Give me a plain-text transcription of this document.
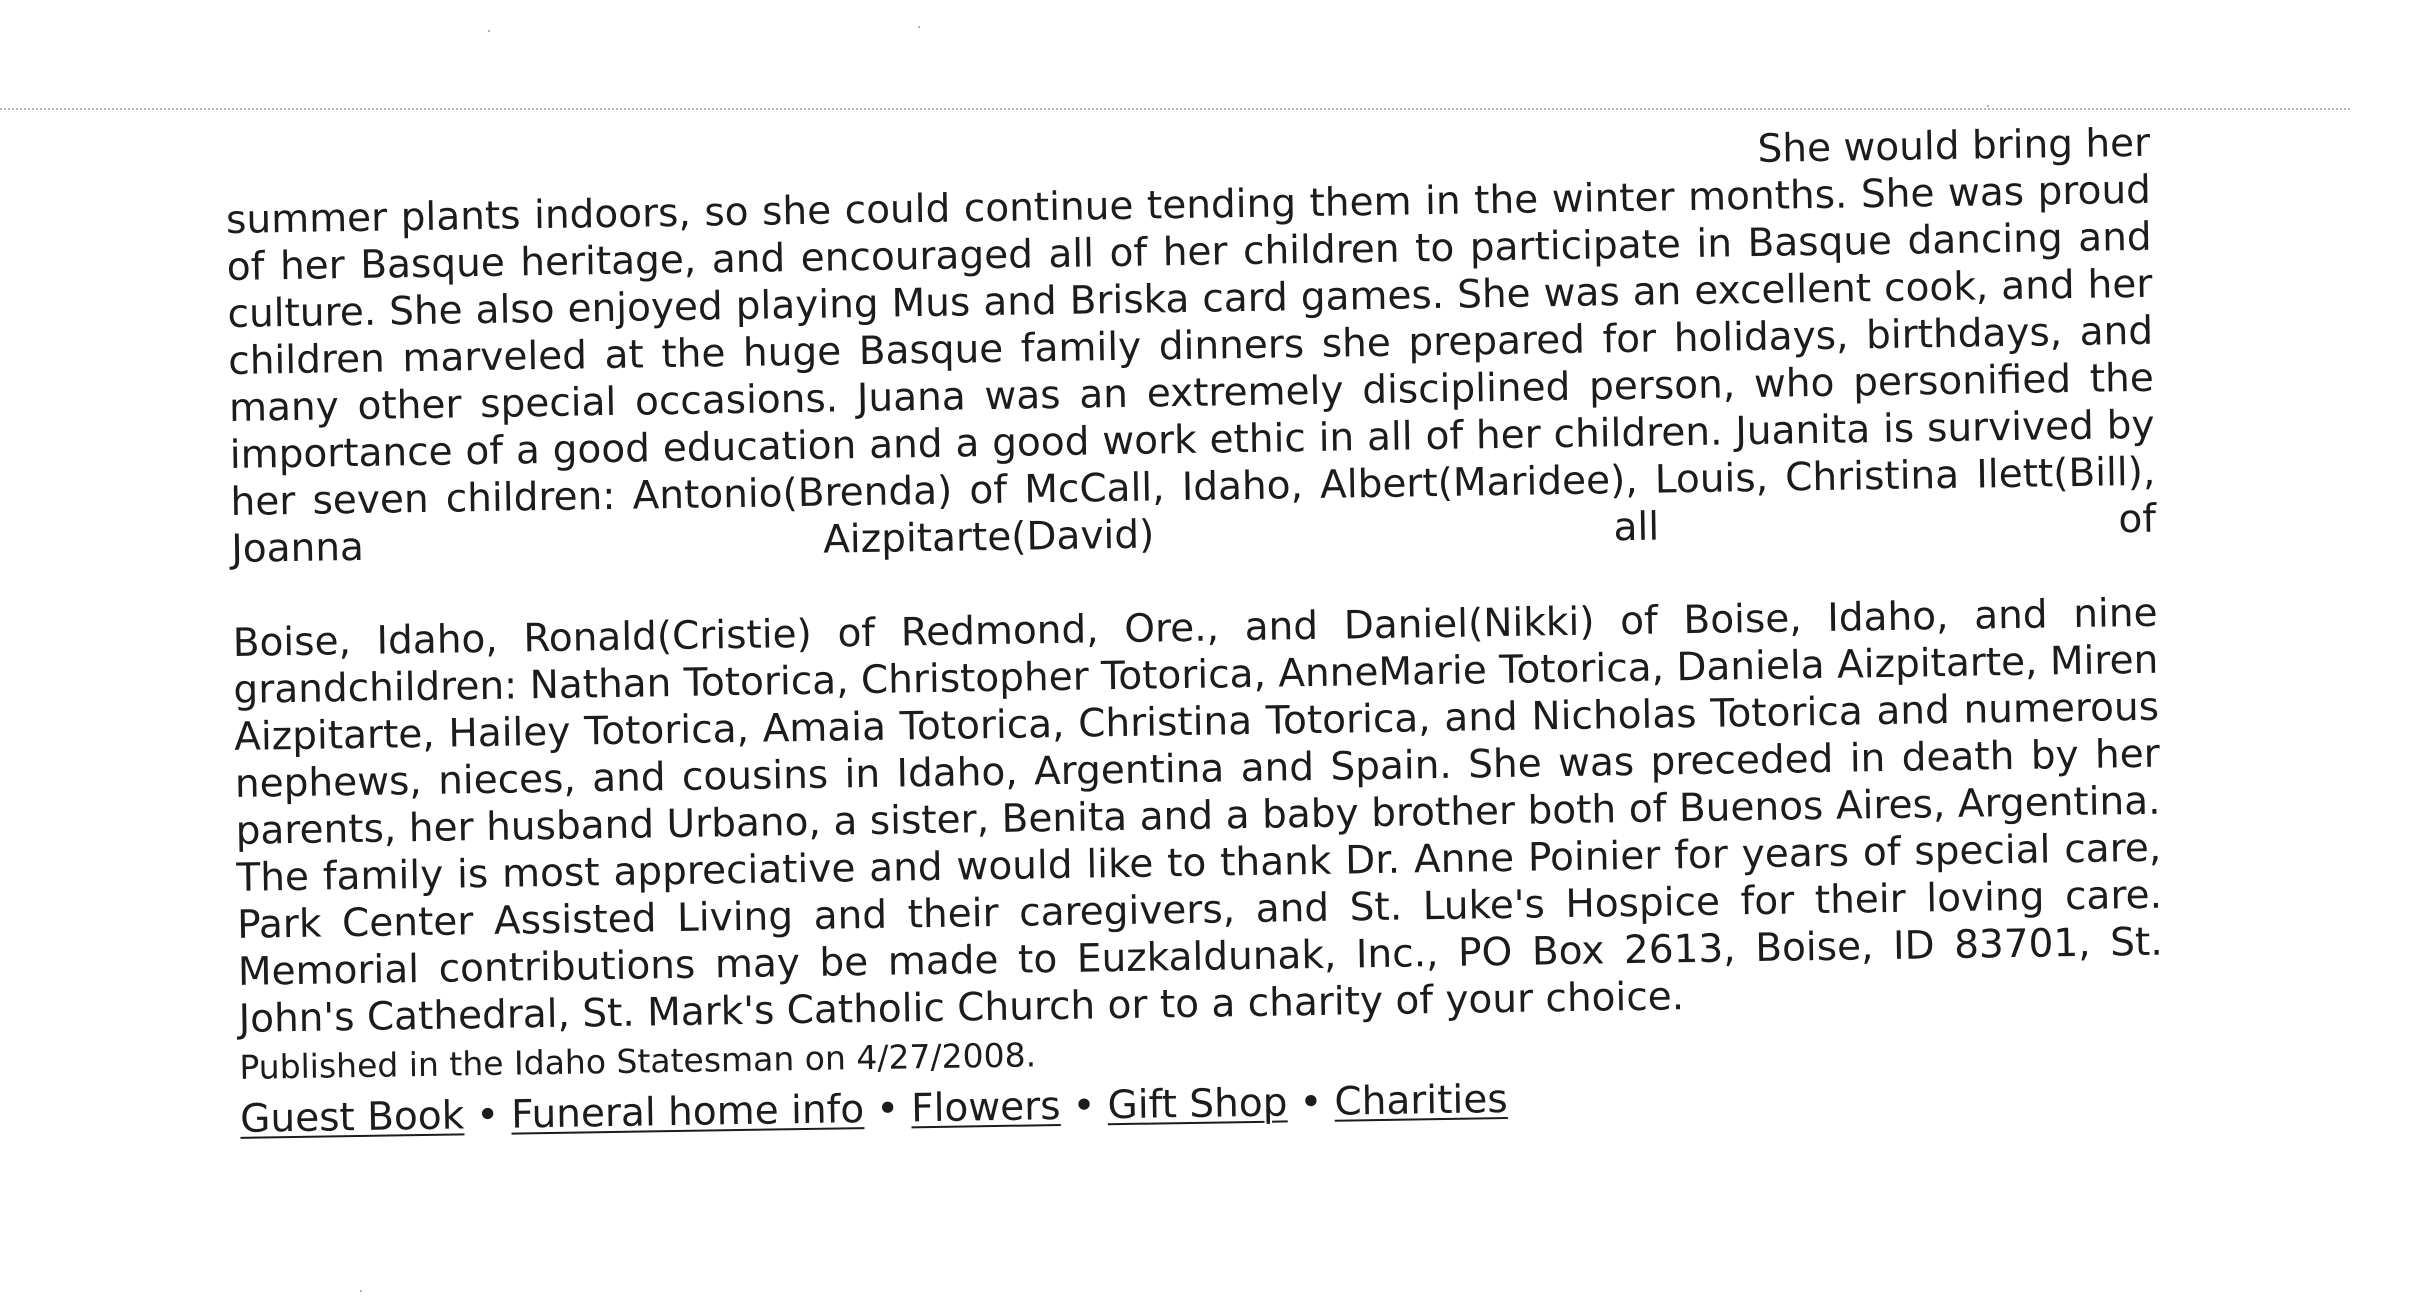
She would bring her
summer plants indoors, so she could continue tending them in the winter months. She was proud of her Basque heritage, and encouraged all of her children to participate in Basque dancing and culture. She also enjoyed playing Mus and Briska card games. She was an excellent cook, and her children marveled at the huge Basque family dinners she prepared for holidays, birthdays, and many other special occasions. Juana was an extremely disciplined person, who personified the importance of a good education and a good work ethic in all of her children. Juanita is survived by her seven children: Antonio(Brenda) of McCall, Idaho, Albert(Maridee), Louis, Christina Ilett(Bill), Joanna Aizpitarte(David) all of

Boise, Idaho, Ronald(Cristie) of Redmond, Ore., and Daniel(Nikki) of Boise, Idaho, and nine grandchildren: Nathan Totorica, Christopher Totorica, AnneMarie Totorica, Daniela Aizpitarte, Miren Aizpitarte, Hailey Totorica, Amaia Totorica, Christina Totorica, and Nicholas Totorica and numerous nephews, nieces, and cousins in Idaho, Argentina and Spain. She was preceded in death by her parents, her husband Urbano, a sister, Benita and a baby brother both of Buenos Aires, Argentina. The family is most appreciative and would like to thank Dr. Anne Poinier for years of special care, Park Center Assisted Living and their caregivers, and St. Luke's Hospice for their loving care. Memorial contributions may be made to Euzkaldunak, Inc., PO Box 2613, Boise, ID 83701, St. John's Cathedral, St. Mark's Catholic Church or to a charity of your choice.

Published in the Idaho Statesman on 4/27/2008.

Guest Book • Funeral home info • Flowers • Gift Shop • Charities
